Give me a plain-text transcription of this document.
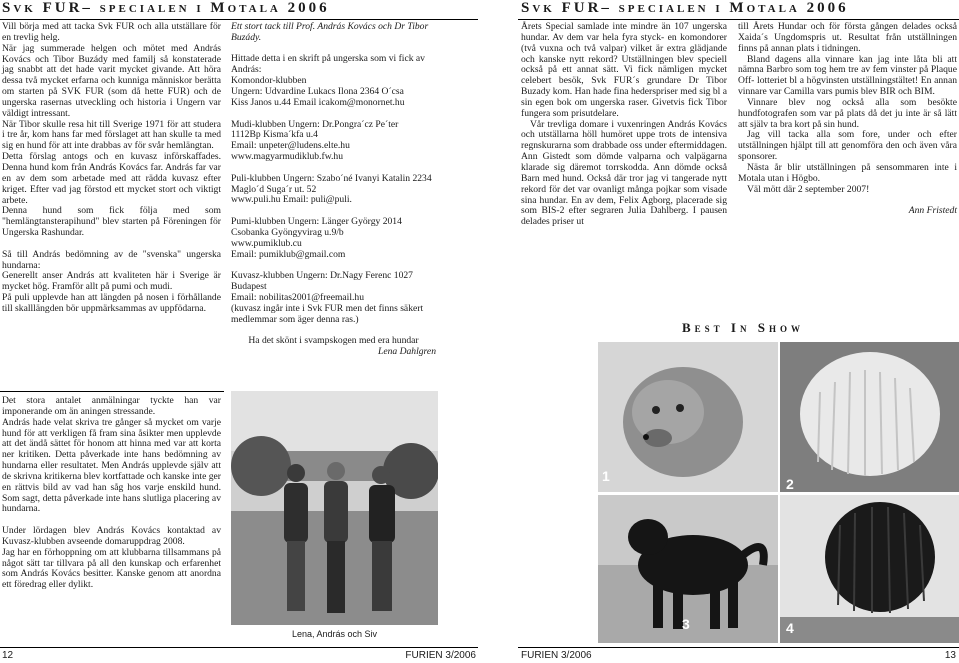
Svk FUR– specialen i Motala 2006

Vill börja med att tacka Svk FUR och alla utställare för en trevlig helg.

När jag summerade helgen och mötet med András Kovács och Tibor Buzády med familj så konstaterade jag snabbt att det hade varit mycket givande. Att höra dessa två mycket erfarna och kunniga människor berätta om starten på SVK FUR (som då hette FUR) och de ungerska rasernas utveckling och historia i Ungern var väldigt intressant.

När Tibor skulle resa hit till Sverige 1971 för att studera i tre år, kom hans far med förslaget att han skulle ta med sig en hund för att inte drabbas av för svår hemlängtan.

Detta förslag antogs och en kuvasz införskaffades. Denna hund kom från András Kovács far. András far var en av dem som arbetade med att rädda kuvasz efter kriget. Efter vad jag förstod ett mycket stort och viktigt arbete.

Denna hund som fick följa med som "hemlängtansterapihund" blev starten på Föreningen för Ungerska Rashundar.

Så till András bedömning av de "svenska" ungerska hundarna:

Generellt anser András att kvaliteten här i Sverige är mycket hög. Framför allt på pumi och mudi.

På puli upplevde han att längden på nosen i förhållande till skalllängden bör uppmärksammas av uppfödarna.

Det stora antalet anmälningar tyckte han var imponerande om än aningen stressande.

András hade velat skriva tre gånger så mycket om varje hund för att verkligen få fram sina åsikter men upplevde att det ändå sättet för honom att hinna med var att korta ner kritiken. Detta påverkade inte hans bedömning av hundarna eller resultatet. Men András upplevde själv att de skrivna kritikerna blev kortfattade och kanske inte ger en rättvis bild av vad han såg hos varje enskild hund. Som sagt, detta påverkade inte hans slutliga placering av hundarna.

Under lördagen blev András Kovács kontaktad av Kuvasz-klubben avseende domaruppdrag 2008.

Jag har en förhoppning om att klubbarna tillsammans på något sätt tar tillvara på all den kunskap och erfarenhet som András Kovács besitter. Kanske genom att anordna ett föredrag eller dylikt.

Ett stort tack till Prof. András Kovács och Dr Tibor Buzády.

Hittade detta i en skrift på ungerska som vi fick av András:

Komondor-klubben

Ungern: Udvardine Lukacs Ilona 2364 O´csa

Kiss Janos u.44 Email icakom@monornet.hu

Mudi-klubben Ungern: Dr.Pongra´cz Pe´ter

1112Bp Kisma´kfa u.4

Email: unpeter@ludens.elte.hu

www.magyarmudiklub.fw.hu

Puli-klubben Ungern: Szabo´né Ivanyi Katalin 2234 Maglo´d Suga´r ut. 52

www.puli.hu Email: puli@puli.

Pumi-klubben Ungern: Länger György 2014 Csobanka Gyöngyvirag u.9/b

www.pumiklub.cu

Email: pumiklub@gmail.com

Kuvasz-klubben Ungern: Dr.Nagy Ferenc 1027 Budapest

Email: nobilitas2001@freemail.hu

(kuvasz ingår inte i Svk FUR men det finns säkert medlemmar som äger denna ras.)

Ha det skönt i svampskogen med era hundar

Lena Dahlgren

Lena, András och Siv
12	FURIEN 3/2006
Svk FUR– specialen i Motala 2006

Årets Special samlade inte mindre än 107 ungerska hundar. Av dem var hela fyra styck- en komondorer (två vuxna och två valpar) vilket är extra glädjande och kanske nytt rekord? Utställningen blev speciell också på ett annat sätt. Vi fick nämligen mycket celebert besök, Svk FUR´s grundare Dr Tibor Buzady kom. Han hade fina hedersprisеr med sig bl a sin egen bok om ungerska raser. Givetvis fick Tibor fungera som prisutdelare.

Vår trevliga domare i vuxenringen András Kovács och utställarna höll humöret uppe trots de intensiva regnskurarna som drabbade oss under eftermiddagen. Ann Gistedt som dömde valparna och valpägarna klarade sig däremot torrskodda. Ann dömde också Barn med hund. Också där tror jag vi tangerade nytt rekord för det var ovanligt många pojkar som visade sina hundar. En av dem, Felix Agborg, placerade sig som BIS-2 efter segraren Julia Dahlberg. I pausen delades priser ut

till Årets Hundar och för första gången delades också Xaida´s Ungdomspris ut. Resultat från utställningen finns på annan plats i tidningen.

Bland dagens alla vinnare kan jag inte låta bli att nämna Barbro som tog hem tre av fem vinster på Plaque Off- lotteriet bl a högvinsten utställningstältet! En annan vinnare var Camilla vars pumis blev BIR och BIM.

Vinnare blev nog också alla som besökte hundfotografen som var på plats då det ju inte är så lätt att själv ta bra kort på sin hund.

Jag vill tacka alla som fore, under och efter utställningen hjälpt till att genomföra den och även våra sponsorer.

Nästa år blir utställningen på sensommaren inte i Motala utan i Högbo.

Väl mött där 2 september 2007!

Ann Fristedt

Best In Show
1	2
3	4
FURIEN 3/2006	13
